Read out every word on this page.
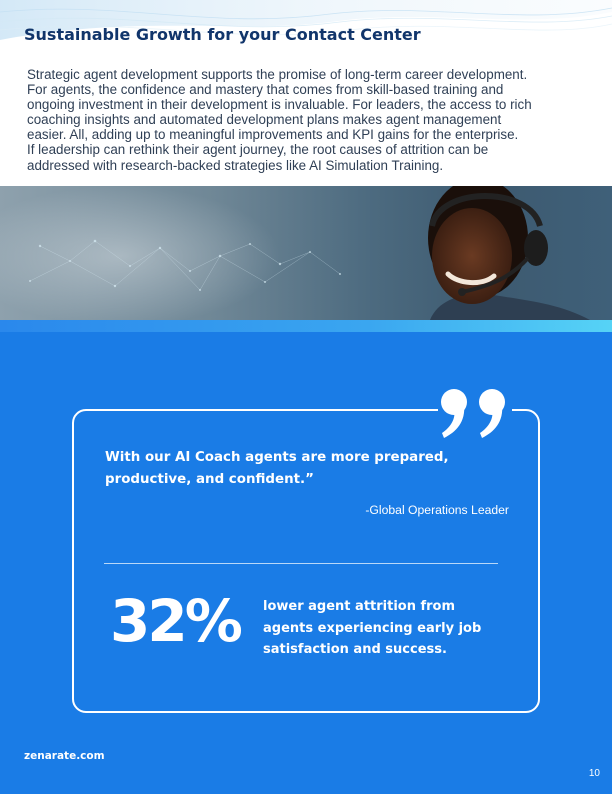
Sustainable Growth for your Contact Center

Strategic agent development supports the promise of long-term career development.

For agents, the confidence and mastery that comes from skill-based training and

ongoing investment in their development is invaluable. For leaders, the access to rich

coaching insights and automated development plans makes agent management

easier. All, adding up to meaningful improvements and KPI gains for the enterprise.

If leadership can rethink their agent journey, the root causes of attrition can be

addressed with research-backed strategies like AI Simulation Training.

With our AI Coach agents are more prepared, productive, and confident.”
-Global Operations Leader
32% lower agent attrition from agents experiencing early job satisfaction and success.
zenarate.com
10
